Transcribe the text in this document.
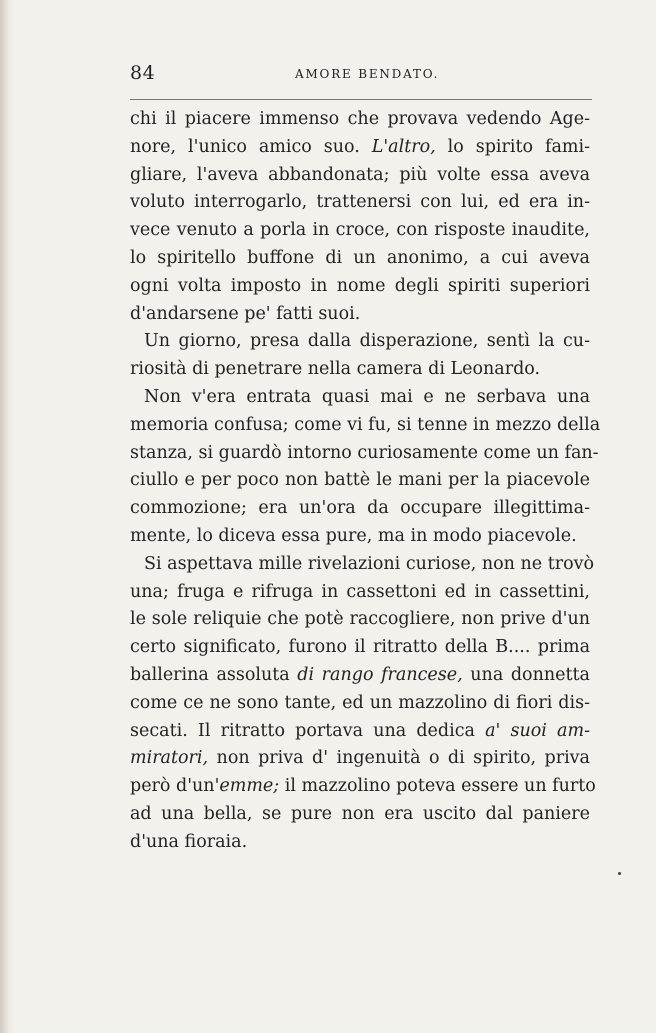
84	AMORE BENDATO.
chi il piacere immenso che provava vedendo Age-
nore, l'unico amico suo. L'altro, lo spirito fami-
gliare, l'aveva abbandonata; più volte essa aveva
voluto interrogarlo, trattenersi con lui, ed era in-
vece venuto a porla in croce, con risposte inaudite,
lo spiritello buffone di un anonimo, a cui aveva
ogni volta imposto in nome degli spiriti superiori
d'andarsene pe' fatti suoi.
Un giorno, presa dalla disperazione, sentì la cu-
riosità di penetrare nella camera di Leonardo.
Non v'era entrata quasi mai e ne serbava una
memoria confusa; come vi fu, si tenne in mezzo della
stanza, si guardò intorno curiosamente come un fan-
ciullo e per poco non battè le mani per la piacevole
commozione; era un'ora da occupare illegittima-
mente, lo diceva essa pure, ma in modo piacevole.
Si aspettava mille rivelazioni curiose, non ne trovò
una; fruga e rifruga in cassettoni ed in cassettini,
le sole reliquie che potè raccogliere, non prive d'un
certo significato, furono il ritratto della B.... prima
ballerina assoluta di rango francese, una donnetta
come ce ne sono tante, ed un mazzolino di fiori dis-
secati. Il ritratto portava una dedica a' suoi am-
miratori, non priva d' ingenuità o di spirito, priva
però d'un'emme; il mazzolino poteva essere un furto
ad una bella, se pure non era uscito dal paniere
d'una fioraia.
